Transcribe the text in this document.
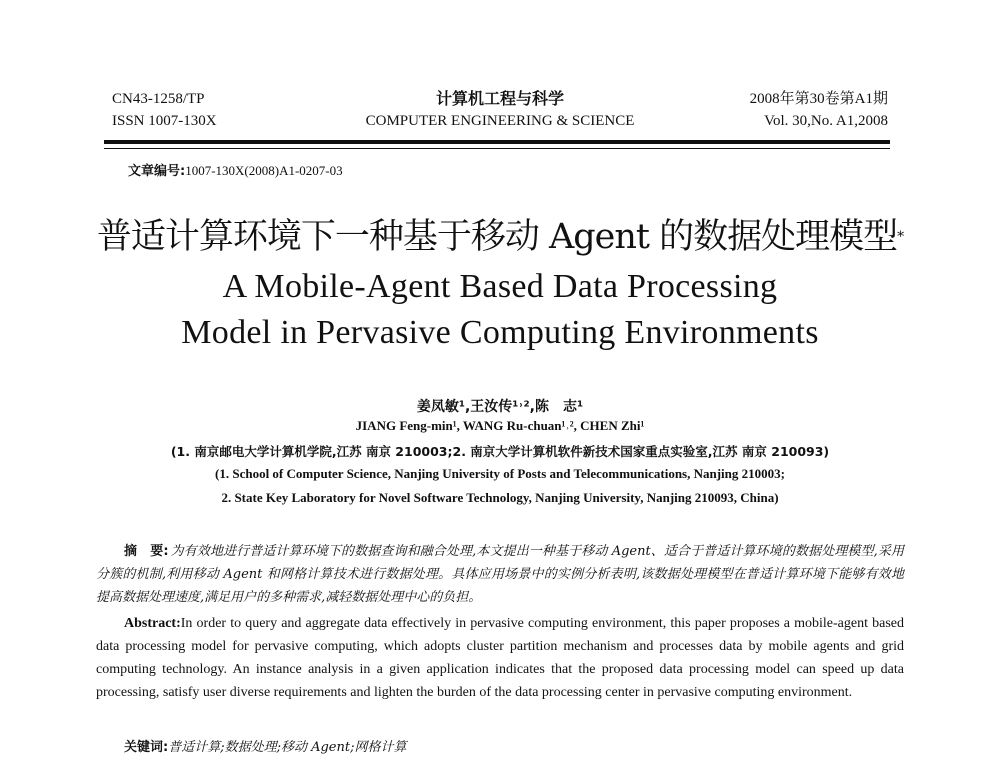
CN43-1258/TP
ISSN 1007-130X
计算机工程与科学
COMPUTER ENGINEERING & SCIENCE
2008年第30卷第A1期
Vol. 30,No. A1,2008
文章编号:1007-130X(2008)A1-0207-03
普适计算环境下一种基于移动 Agent 的数据处理模型*
A Mobile-Agent Based Data Processing
Model in Pervasive Computing Environments
姜凤敏¹,王汝传¹˒²,陈　志¹
JIANG Feng-min¹, WANG Ru-chuan¹˒², CHEN Zhi¹
(1. 南京邮电大学计算机学院,江苏 南京 210003;2. 南京大学计算机软件新技术国家重点实验室,江苏 南京 210093)
(1. School of Computer Science, Nanjing University of Posts and Telecommunications, Nanjing 210003;
2. State Key Laboratory for Novel Software Technology, Nanjing University, Nanjing 210093, China)
摘　要: 为有效地进行普适计算环境下的数据查询和融合处理,本文提出一种基于移动 Agent、适合于普适计算环境的数据处理模型,采用分簇的机制,利用移动 Agent 和网格计算技术进行数据处理。具体应用场景中的实例分析表明,该数据处理模型在普适计算环境下能够有效地提高数据处理速度,满足用户的多种需求,减轻数据处理中心的负担。
Abstract:In order to query and aggregate data effectively in pervasive computing environment, this paper proposes a mobile-agent based data processing model for pervasive computing, which adopts cluster partition mechanism and processes data by mobile agents and grid computing technology. An instance analysis in a given application indicates that the proposed data processing model can speed up data processing, satisfy user diverse requirements and lighten the burden of the data processing center in pervasive computing environment.
关键词:普适计算;数据处理;移动 Agent;网格计算
